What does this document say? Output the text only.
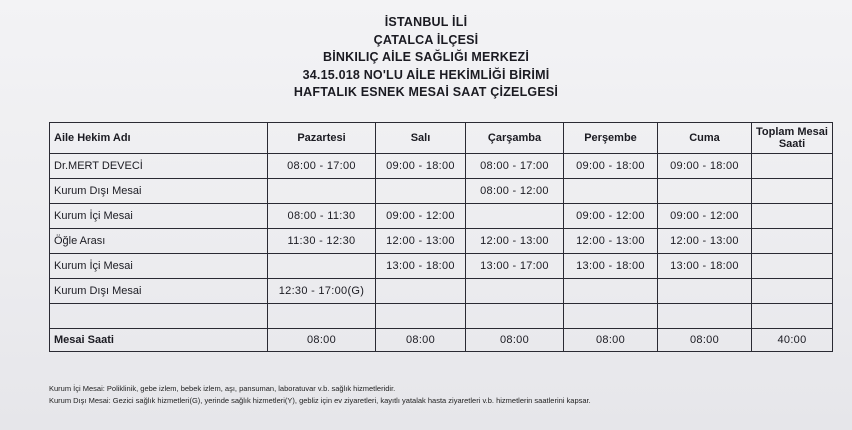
İSTANBUL İLİ
ÇATALCA İLÇESİ
BİNKILIÇ AİLE SAĞLIĞI MERKEZİ
34.15.018 NO'LU AİLE HEKİMLİĞİ BİRİMİ
HAFTALIK ESNEK MESAİ SAAT ÇİZELGESİ
Aile Hekim Adı	Pazartesi	Salı	Çarşamba	Perşembe	Cuma	Toplam Mesai Saati
Dr.MERT DEVECİ	08:00 - 17:00	09:00 - 18:00	08:00 - 17:00	09:00 - 18:00	09:00 - 18:00	
Kurum Dışı Mesai			08:00 - 12:00			
Kurum İçi Mesai	08:00 - 11:30	09:00 - 12:00		09:00 - 12:00	09:00 - 12:00	
Öğle Arası	11:30 - 12:30	12:00 - 13:00	12:00 - 13:00	12:00 - 13:00	12:00 - 13:00	
Kurum İçi Mesai		13:00 - 18:00	13:00 - 17:00	13:00 - 18:00	13:00 - 18:00	
Kurum Dışı Mesai	12:30 - 17:00(G)					

Mesai Saati	08:00	08:00	08:00	08:00	08:00	40:00
Kurum İçi Mesai: Poliklinik, gebe izlem, bebek izlem, aşı, pansuman, laboratuvar v.b. sağlık hizmetleridir.
Kurum Dışı Mesai: Gezici sağlık hizmetleri(G), yerinde sağlık hizmetleri(Y), gebliz için ev ziyaretleri, kayıtlı yatalak hasta ziyaretleri v.b. hizmetlerin saatlerini kapsar.
